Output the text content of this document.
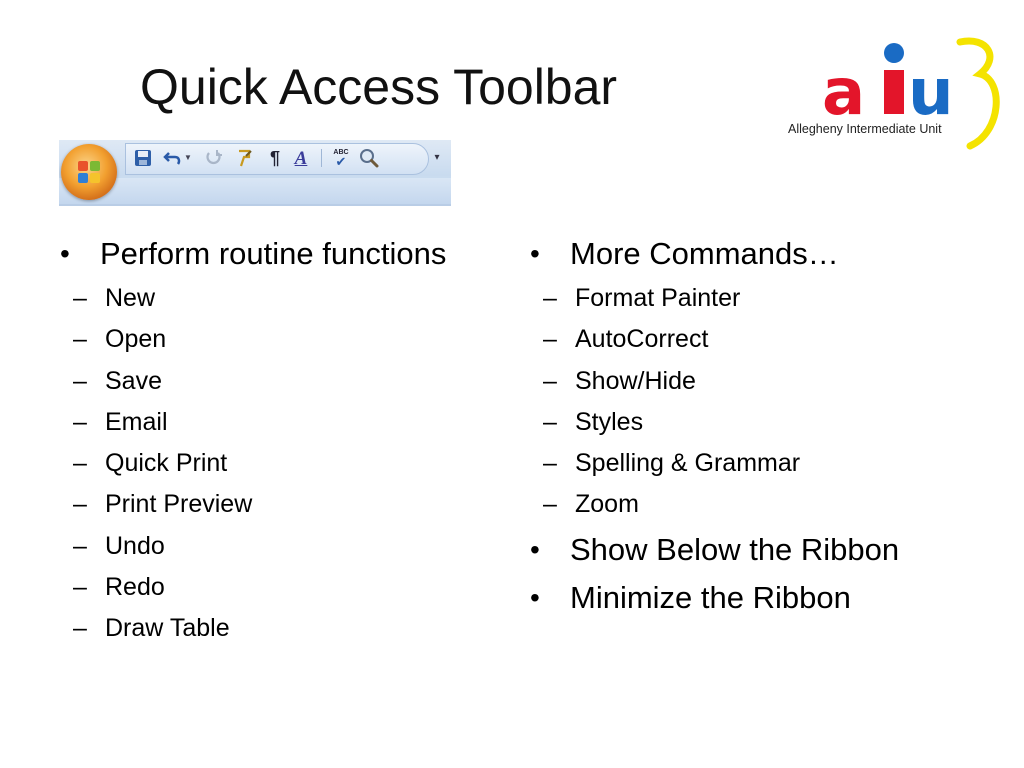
Quick Access Toolbar	a u
Allegheny Intermediate Unit
▼	¶ A	ABC
✔	▾
• Perform routine functions
– New
– Open
– Save
– Email
– Quick Print
– Print Preview
– Undo
– Redo
– Draw Table
• More Commands…
– Format Painter
– AutoCorrect
– Show/Hide
– Styles
– Spelling & Grammar
– Zoom
• Show Below the Ribbon
• Minimize the Ribbon
